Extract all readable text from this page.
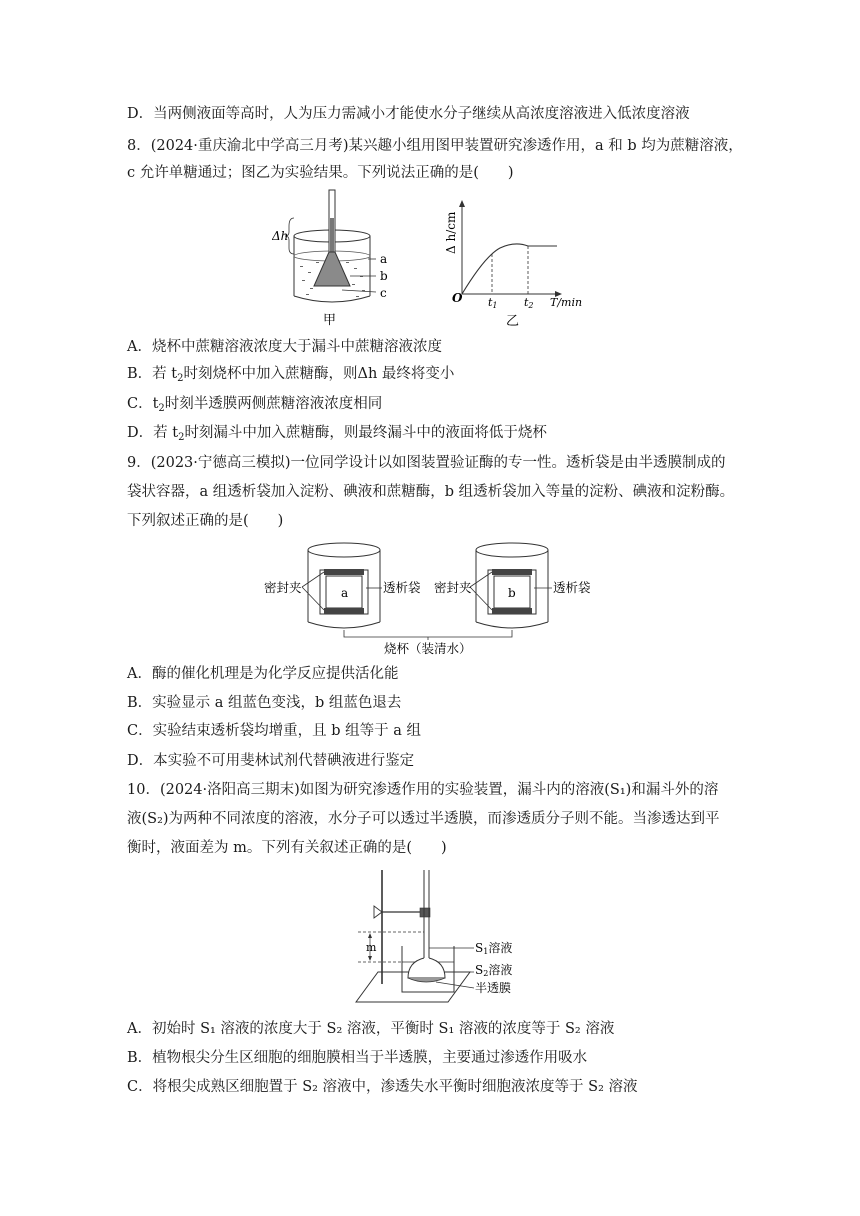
D．当两侧液面等高时，人为压力需减小才能使水分子继续从高浓度溶液进入低浓度溶液
8．(2024·重庆渝北中学高三月考)某兴趣小组用图甲装置研究渗透作用，a 和 b 均为蔗糖溶液，
c 允许单糖通过；图乙为实验结果。下列说法正确的是(　　)
a
b
c
Δh
甲
Δ h/cm
O t1 t2 T/min
乙
A．烧杯中蔗糖溶液浓度大于漏斗中蔗糖溶液浓度
B．若 $t_2$时刻烧杯中加入蔗糖酶，则Δh 最终将变小
C．$t_2$时刻半透膜两侧蔗糖溶液浓度相同
D．若 $t_2$时刻漏斗中加入蔗糖酶，则最终漏斗中的液面将低于烧杯
9．(2023·宁德高三模拟)一位同学设计以如图装置验证酶的专一性。透析袋是由半透膜制成的
袋状容器，a 组透析袋加入淀粉、碘液和蔗糖酶，b 组透析袋加入等量的淀粉、碘液和淀粉酶。
下列叙述正确的是(　　)
a
密封夹	透析袋	b
密封夹	透析袋
烧杯（装清水）
A．酶的催化机理是为化学反应提供活化能
B．实验显示 a 组蓝色变浅，b 组蓝色退去
C．实验结束透析袋均增重，且 b 组等于 a 组
D．本实验不可用斐林试剂代替碘液进行鉴定
10．(2024·洛阳高三期末)如图为研究渗透作用的实验装置，漏斗内的溶液(S₁)和漏斗外的溶
液(S₂)为两种不同浓度的溶液，水分子可以透过半透膜，而渗透质分子则不能。当渗透达到平
衡时，液面差为 m。下列有关叙述正确的是(　　)
m	S1溶液
S2溶液
半透膜
A．初始时 S₁ 溶液的浓度大于 S₂ 溶液，平衡时 S₁ 溶液的浓度等于 S₂ 溶液
B．植物根尖分生区细胞的细胞膜相当于半透膜，主要通过渗透作用吸水
C．将根尖成熟区细胞置于 S₂ 溶液中，渗透失水平衡时细胞液浓度等于 S₂ 溶液
